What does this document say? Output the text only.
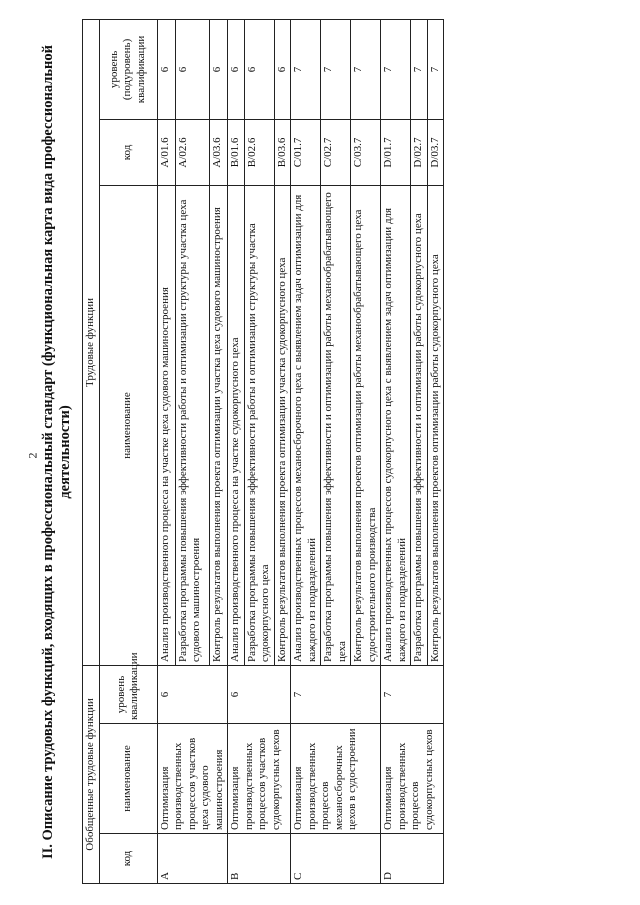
2 II. Описание трудовых функций, входящих в профессиональный стандарт (функциональная карта вида профессиональной деятельности)
Обобщенные трудовые функции			Трудовые функции		
код	наименование	уровень квалификации	наименование	код	уровень (подуровень) квалификации
A	Оптимизация производственных процессов участков цеха судового машиностроения	6	Анализ производственного процесса на участке цеха судового машиностроения	A/01.6	6
			Разработка программы повышения эффективности работы и оптимизации структуры участка цеха судового машиностроения	A/02.6	6
			Контроль результатов выполнения проекта оптимизации участка цеха судового машиностроения	A/03.6	6
B	Оптимизация производственных процессов участков судокорпусных цехов	6	Анализ производственного процесса на участке судокорпусного цеха	B/01.6	6
			Разработка программы повышения эффективности работы и оптимизации структуры участка судокорпусного цеха	B/02.6	6
			Контроль результатов выполнения проекта оптимизации участка судокорпусного цеха	B/03.6	6
C	Оптимизация производственных процессов механосборочных цехов в судостроении	7	Анализ производственных процессов механосборочного цеха с выявлением задач оптимизации для каждого из подразделений	C/01.7	7
			Разработка программы повышения эффективности и оптимизации работы механообрабатывающего цеха	C/02.7	7
			Контроль результатов выполнения проектов оптимизации работы механообрабатывающего цеха судостроительного производства	C/03.7	7
D	Оптимизация производственных процессов судокорпусных цехов	7	Анализ производственных процессов судокорпусного цеха с выявлением задач оптимизации для каждого из подразделений	D/01.7	7
			Разработка программы повышения эффективности и оптимизации работы судокорпусного цеха	D/02.7	7
			Контроль результатов выполнения проектов оптимизации работы судокорпусного цеха	D/03.7	7
